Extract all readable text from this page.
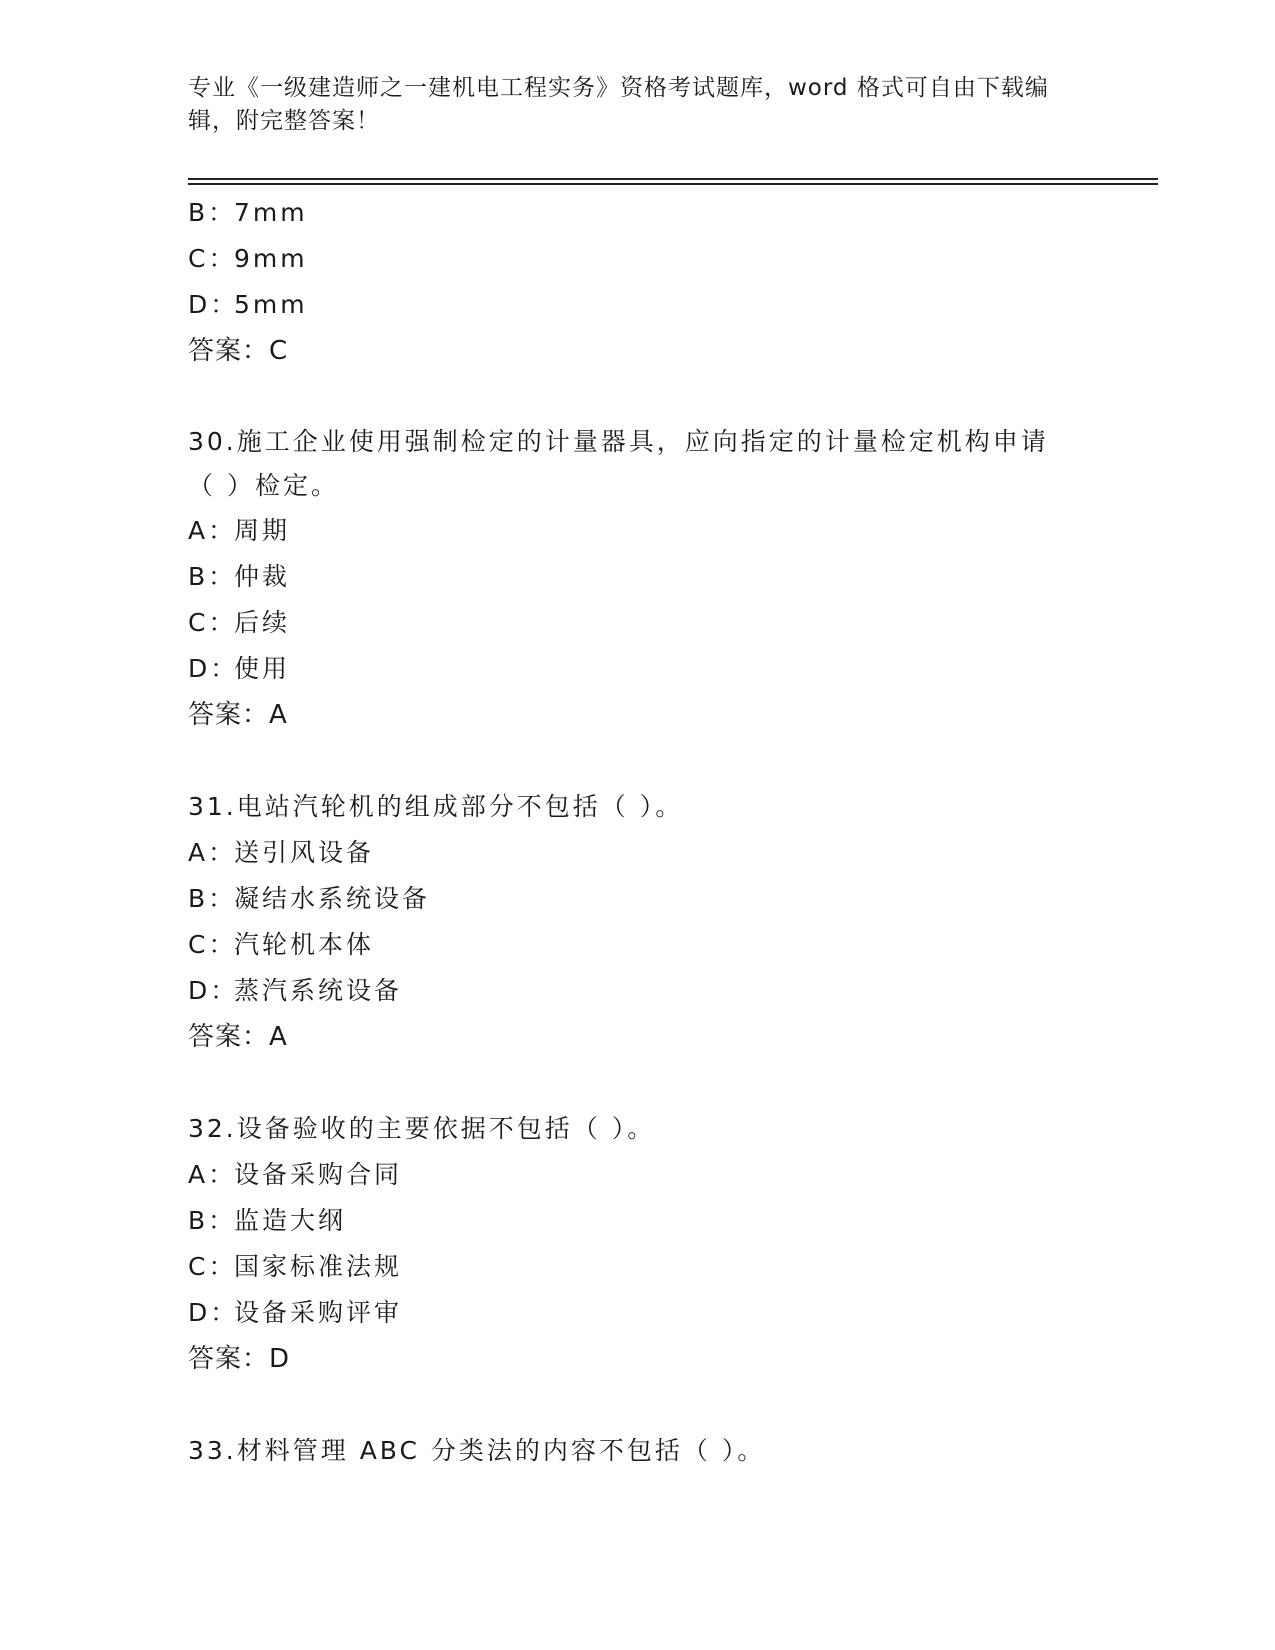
专业《一级建造师之一建机电工程实务》资格考试题库，word 格式可自由下载编
辑，附完整答案！
B：7mm
C：9mm
D：5mm
答案：C
30.施工企业使用强制检定的计量器具，应向指定的计量检定机构申请
（ ）检定。
A：周期
B：仲裁
C：后续
D：使用
答案：A
31.电站汽轮机的组成部分不包括（ ）。
A：送引风设备
B：凝结水系统设备
C：汽轮机本体
D：蒸汽系统设备
答案：A
32.设备验收的主要依据不包括（ ）。
A：设备采购合同
B：监造大纲
C：国家标准法规
D：设备采购评审
答案：D
33.材料管理 ABC 分类法的内容不包括（ ）。
